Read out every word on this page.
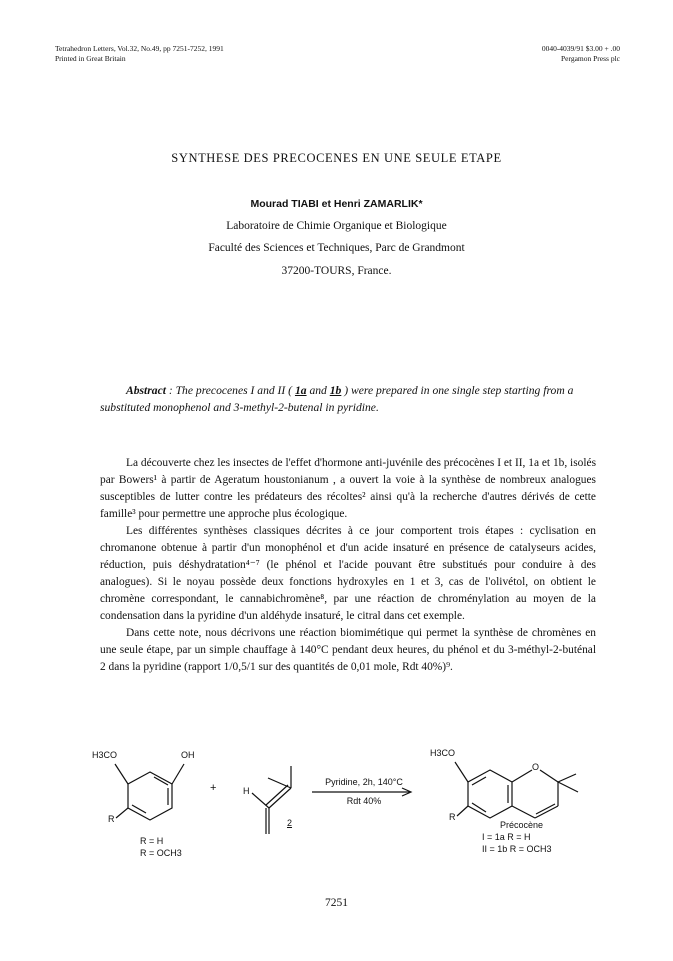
Tetrahedron Letters, Vol.32, No.49, pp 7251-7252, 1991
Printed in Great Britain
0040-4039/91 $3.00 + .00
Pergamon Press plc
SYNTHESE DES PRECOCENES EN UNE SEULE ETAPE
Mourad TIABI et Henri ZAMARLIK*
Laboratoire de Chimie Organique et Biologique
Faculté des Sciences et Techniques, Parc de Grandmont
37200-TOURS, France.
Abstract : The precocenes I and II ( 1a and 1b ) were prepared in one single step starting from a substituted monophenol and 3-methyl-2-butenal in pyridine.

La découverte chez les insectes de l'effet d'hormone anti-juvénile des précocènes I et II, 1a et 1b, isolés par Bowers¹ à partir de Ageratum houstonianum , a ouvert la voie à la synthèse de nombreux analogues susceptibles de lutter contre les prédateurs des récoltes² ainsi qu'à la recherche d'autres dérivés de cette famille³ pour permettre une approche plus écologique.

Les différentes synthèses classiques décrites à ce jour comportent trois étapes : cyclisation en chromanone obtenue à partir d'un monophénol et d'un acide insaturé en présence de catalyseurs acides, réduction, puis déshydratation⁴⁻⁷ (le phénol et l'acide pouvant être substitués pour conduire à des analogues). Si le noyau possède deux fonctions hydroxyles en 1 et 3, cas de l'olivétol, on obtient le chromène correspondant, le cannabichromène⁸, par une réaction de chroménylation au moyen de la condensation dans la pyridine d'un aldéhyde insaturé, le citral dans cet exemple.

Dans cette note, nous décrivons une réaction biomimétique qui permet la synthèse de chromènes en une seule étape, par un simple chauffage à 140°C pendant deux heures, du phénol et du 3-méthyl-2-buténal 2 dans la pyridine (rapport 1/0,5/1 sur des quantités de 0,01 mole, Rdt 40%)⁹.

H3CO	OH
R
+	H
2
Pyridine, 2h, 140°C
Rdt 40%
H3CO
O
R
R = H
R = OCH3
Précocène
I = 1a R = H
II = 1b R = OCH3
7251
